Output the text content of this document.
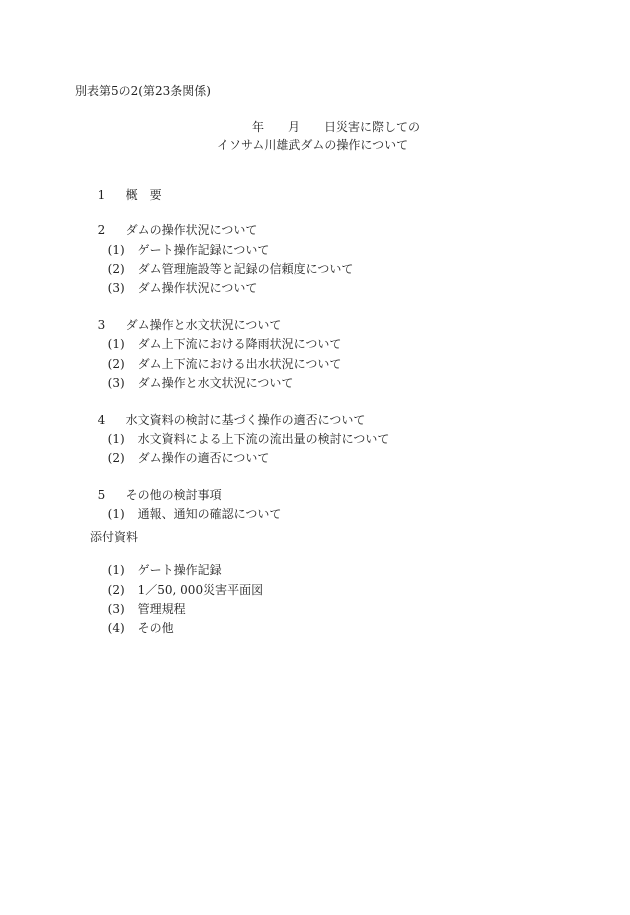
別表第5の2(第23条関係)
年　　月　　日災害に際しての
イソサム川雄武ダムの操作について

1 概　要

2 ダムの操作状況について

(1) ゲート操作記録について

(2) ダム管理施設等と記録の信頼度について

(3) ダム操作状況について

3 ダム操作と水文状況について

(1) ダム上下流における降雨状況について

(2) ダム上下流における出水状況について

(3) ダム操作と水文状況について

4 水文資料の検討に基づく操作の適否について

(1) 水文資料による上下流の流出量の検討について

(2) ダム操作の適否について

5 その他の検討事項

(1) 通報、通知の確認について

添付資料

(1) ゲート操作記録

(2) 1／50, 000災害平面図

(3) 管理規程

(4) その他
